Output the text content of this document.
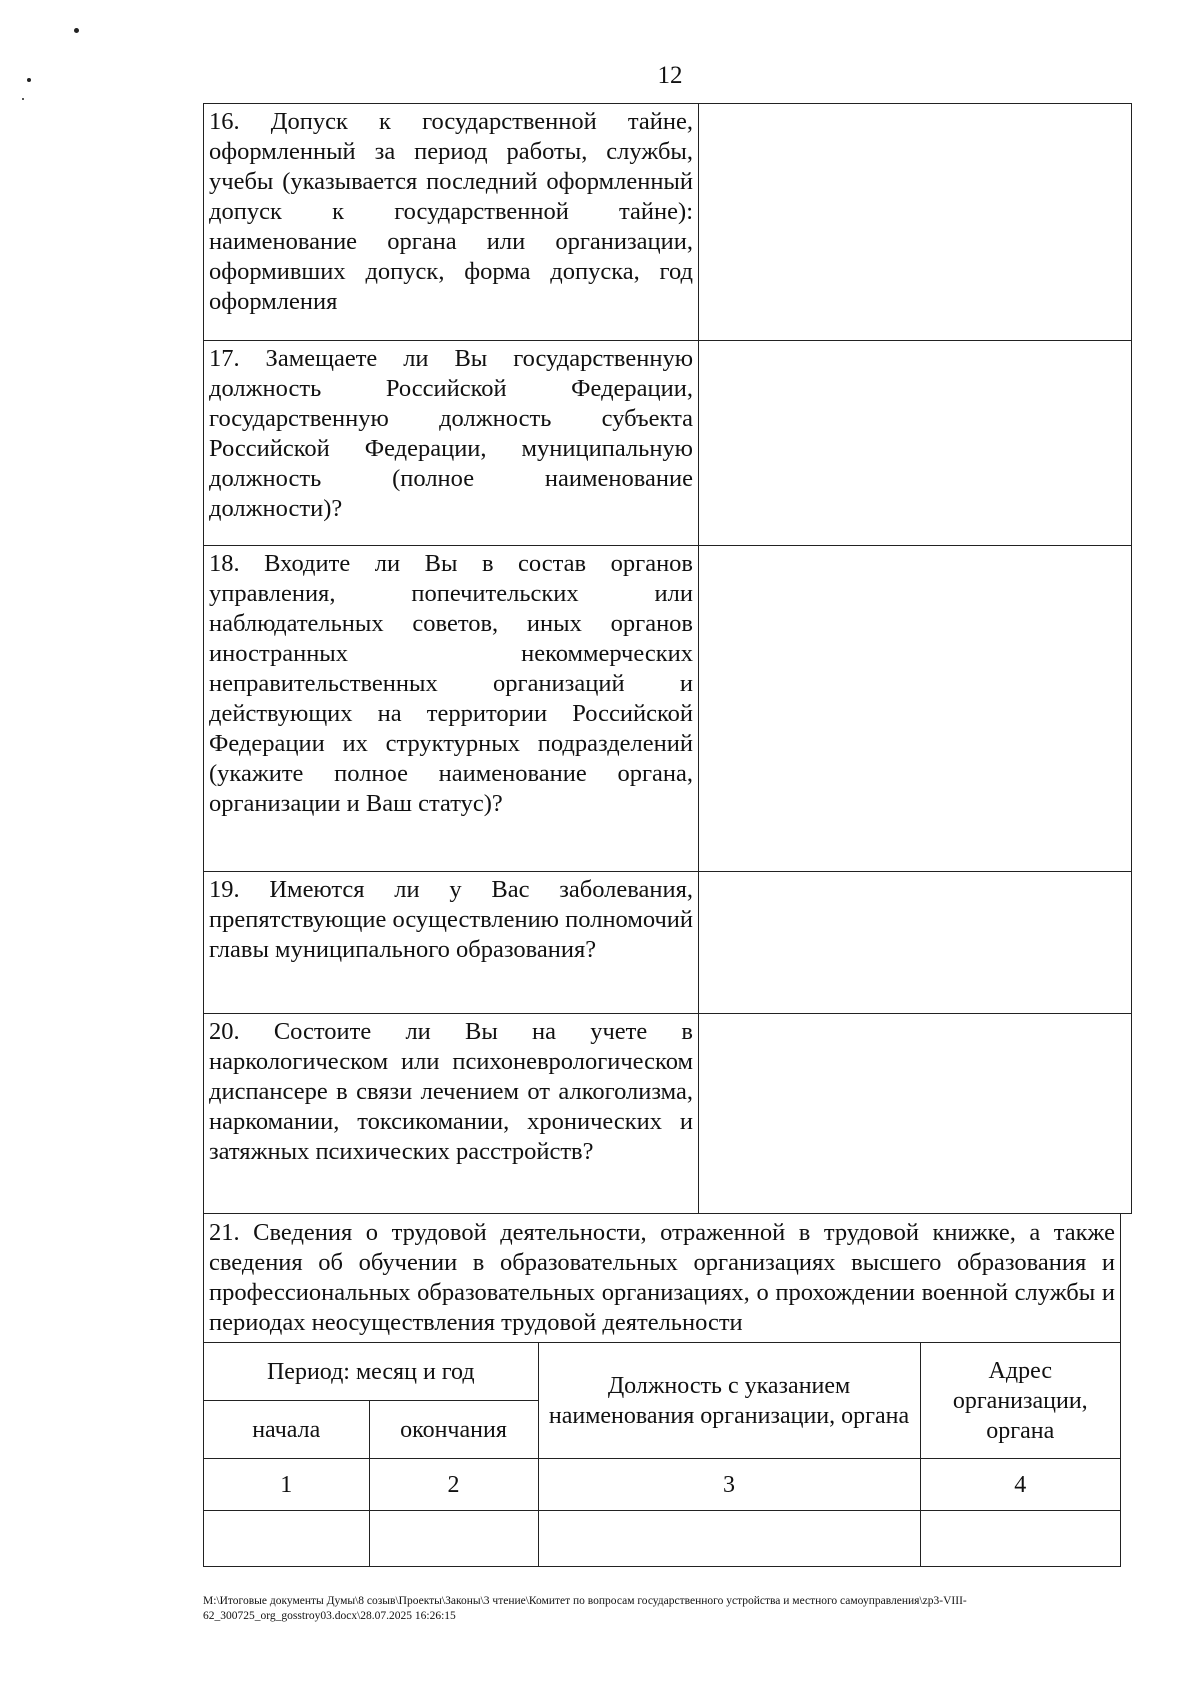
12
16. Допуск к государственной тайне, оформленный за период работы, службы, учебы (указывается последний оформленный допуск к государственной тайне): наименование органа или организации, оформивших допуск, форма допуска, год оформления	
17. Замещаете ли Вы государственную должность Российской Федерации, государственную должность субъекта Российской Федерации, муниципальную должность (полное наименование должности)?	
18. Входите ли Вы в состав органов управления, попечительских или наблюдательных советов, иных органов иностранных некоммерческих неправительственных организаций и действующих на территории Российской Федерации их структурных подразделений (укажите полное наименование органа, организации и Ваш статус)?	
19. Имеются ли у Вас заболевания, препятствующие осуществлению полномочий главы муниципального образования?	
20. Состоите ли Вы на учете в наркологическом или психоневрологическом диспансере в связи лечением от алкоголизма, наркомании, токсикомании, хронических и затяжных психических расстройств?	
21. Сведения о трудовой деятельности, отраженной в трудовой книжке, а также сведения об обучении в образовательных организациях высшего образования и профессиональных образовательных организациях, о прохождении военной службы и периодах неосуществления трудовой деятельности
Период: месяц и год		Должность с указанием наименования организации, органа	Адрес организации, органа
начала	окончания		
1	2	3	4

M:\Итоговые документы Думы\8 созыв\Проекты\Законы\3 чтение\Комитет по вопросам государственного устройства и местного самоуправления\zp3-VIII-62_300725_org_gosstroy03.docx\28.07.2025 16:26:15
